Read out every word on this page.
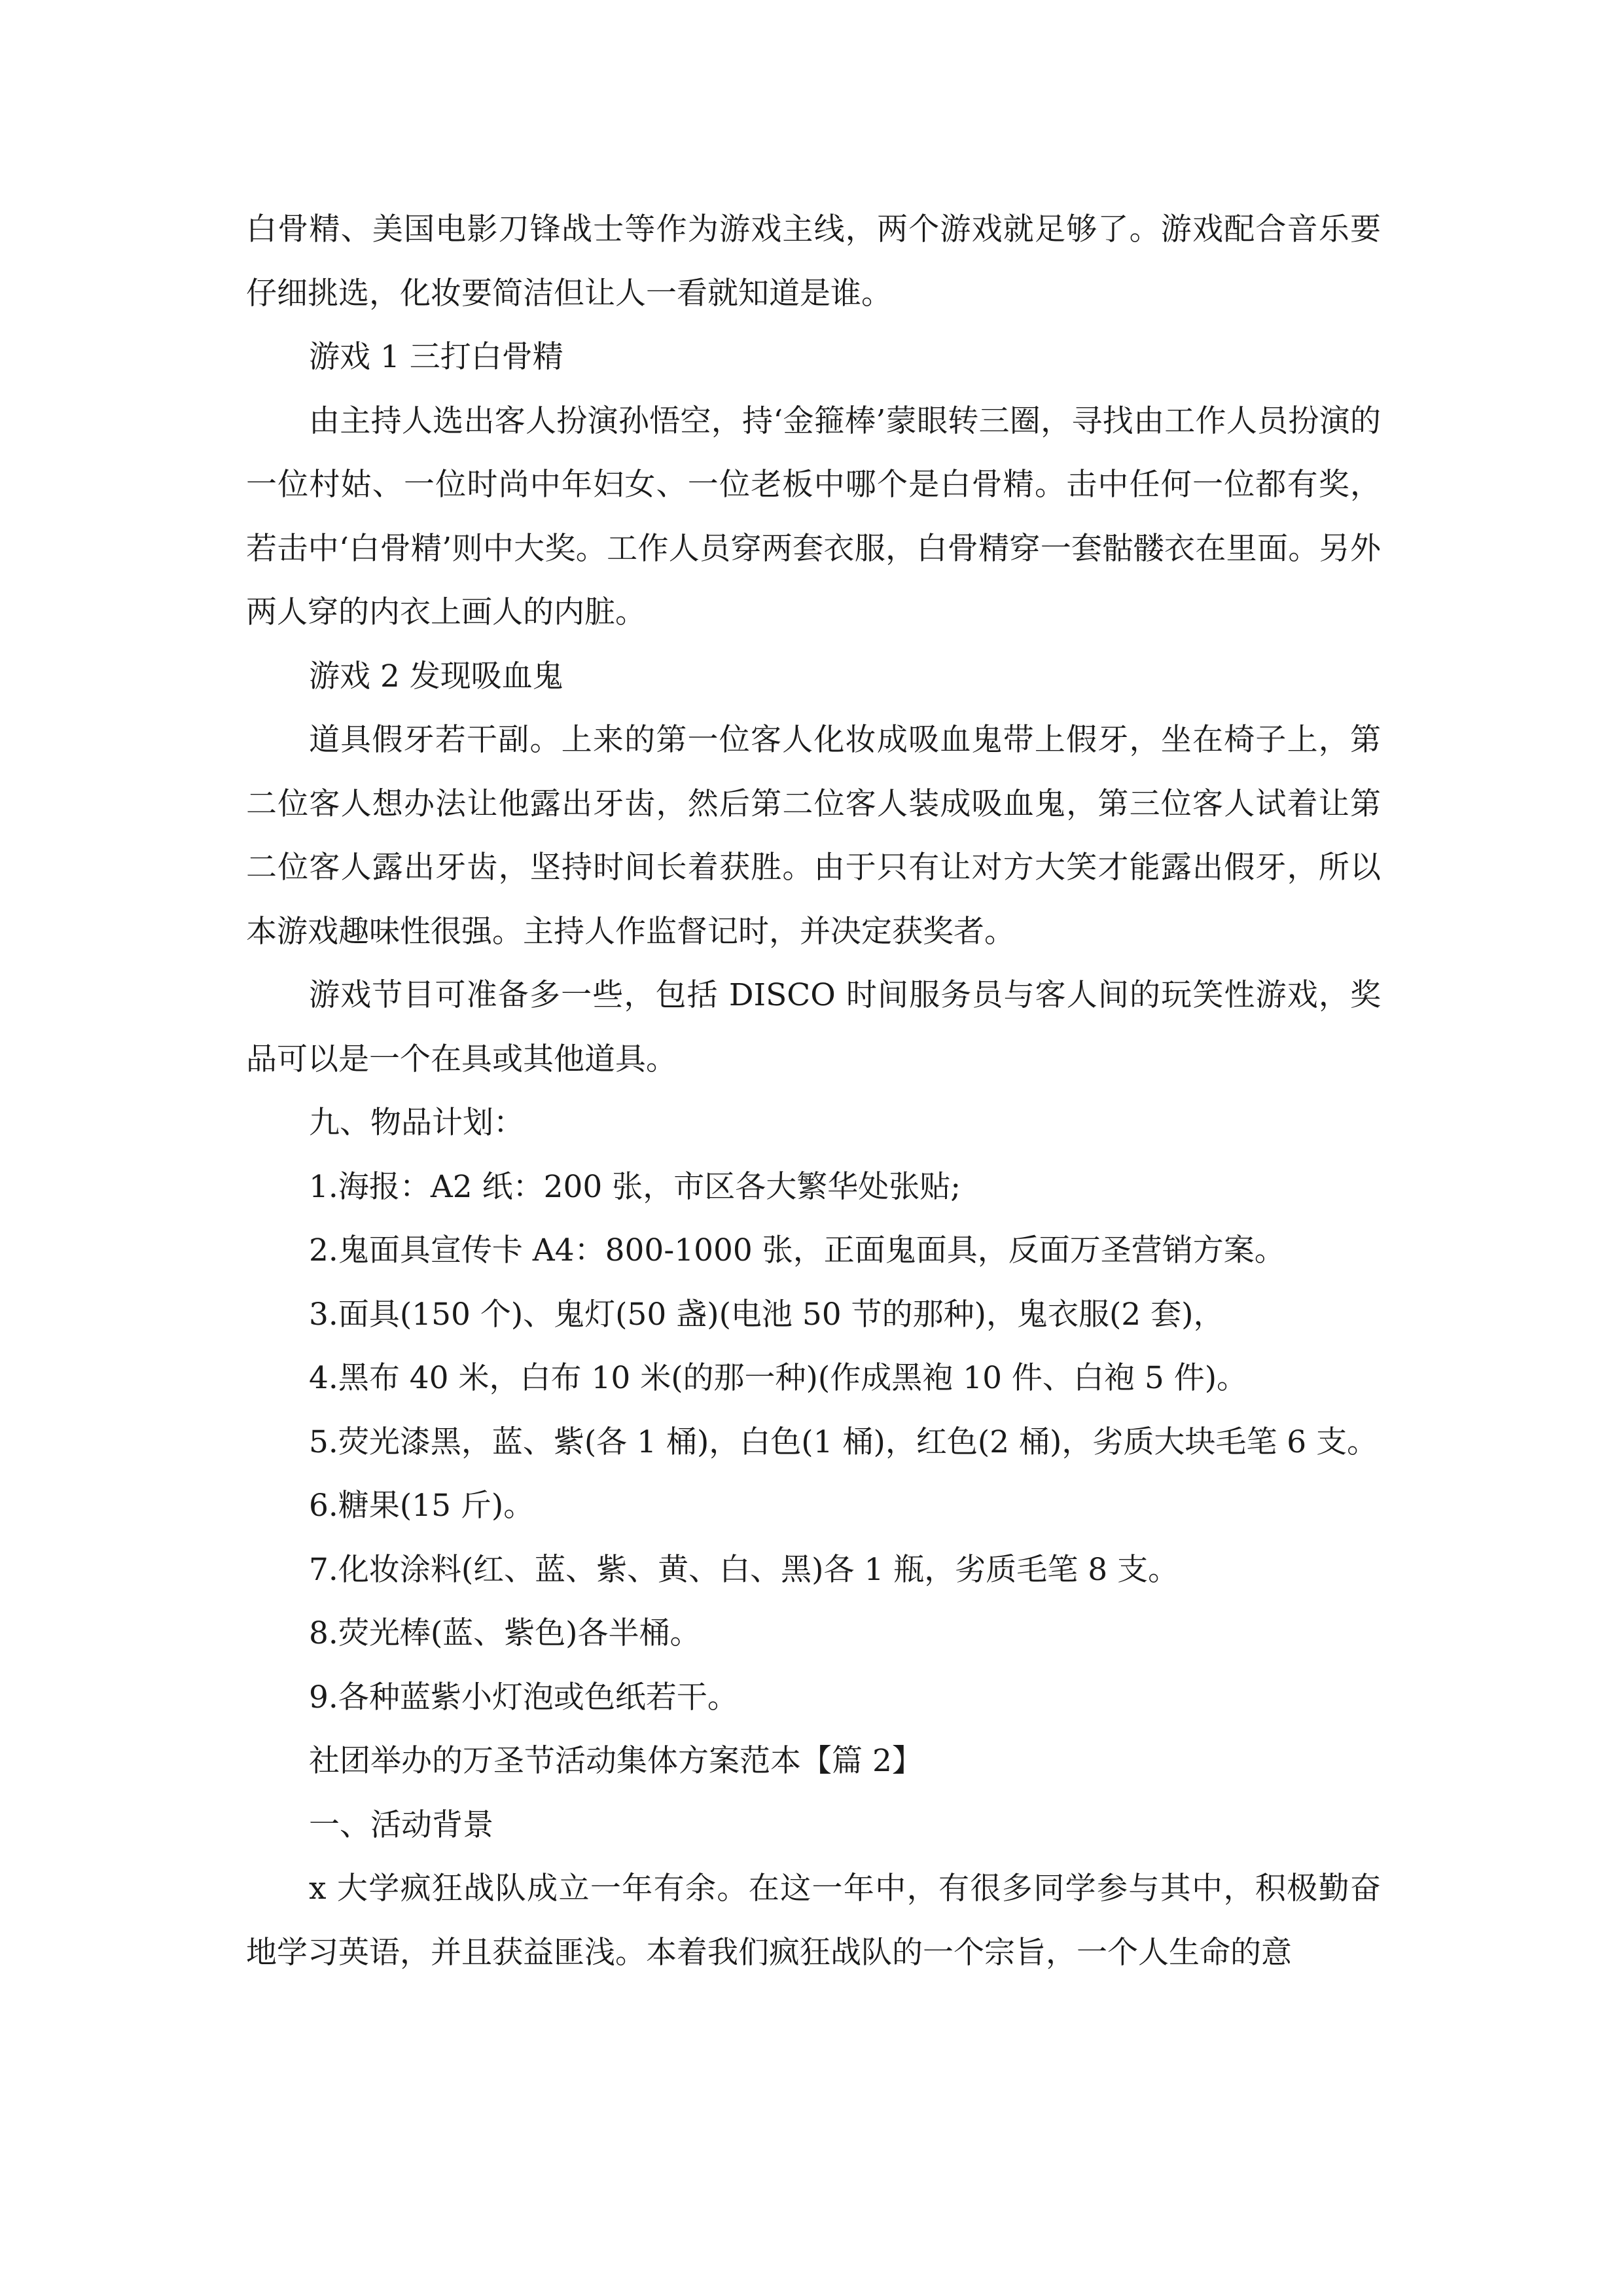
白骨精、美国电影刀锋战士等作为游戏主线，两个游戏就足够了。游戏配合音乐要仔细挑选，化妆要简洁但让人一看就知道是谁。

游戏 1 三打白骨精

由主持人选出客人扮演孙悟空，持‘金箍棒’蒙眼转三圈，寻找由工作人员扮演的一位村姑、一位时尚中年妇女、一位老板中哪个是白骨精。击中任何一位都有奖，若击中‘白骨精’则中大奖。工作人员穿两套衣服，白骨精穿一套骷髅衣在里面。另外两人穿的内衣上画人的内脏。

游戏 2 发现吸血鬼

道具假牙若干副。上来的第一位客人化妆成吸血鬼带上假牙，坐在椅子上，第二位客人想办法让他露出牙齿，然后第二位客人装成吸血鬼，第三位客人试着让第二位客人露出牙齿，坚持时间长着获胜。由于只有让对方大笑才能露出假牙，所以本游戏趣味性很强。主持人作监督记时，并决定获奖者。

游戏节目可准备多一些，包括 DISCO 时间服务员与客人间的玩笑性游戏，奖品可以是一个在具或其他道具。

九、物品计划：

1.海报：A2 纸：200 张，市区各大繁华处张贴;

2.鬼面具宣传卡 A4：800-1000 张，正面鬼面具，反面万圣营销方案。

3.面具(150 个)、鬼灯(50 盏)(电池 50 节的那种)，鬼衣服(2 套)，

4.黑布 40 米，白布 10 米(的那一种)(作成黑袍 10 件、白袍 5 件)。

5.荧光漆黑，蓝、紫(各 1 桶)，白色(1 桶)，红色(2 桶)，劣质大块毛笔 6 支。

6.糖果(15 斤)。

7.化妆涂料(红、蓝、紫、黄、白、黑)各 1 瓶，劣质毛笔 8 支。

8.荧光棒(蓝、紫色)各半桶。

9.各种蓝紫小灯泡或色纸若干。

社团举办的万圣节活动集体方案范本【篇 2】

一、活动背景

x 大学疯狂战队成立一年有余。在这一年中，有很多同学参与其中，积极勤奋地学习英语，并且获益匪浅。本着我们疯狂战队的一个宗旨，一个人生命的意
